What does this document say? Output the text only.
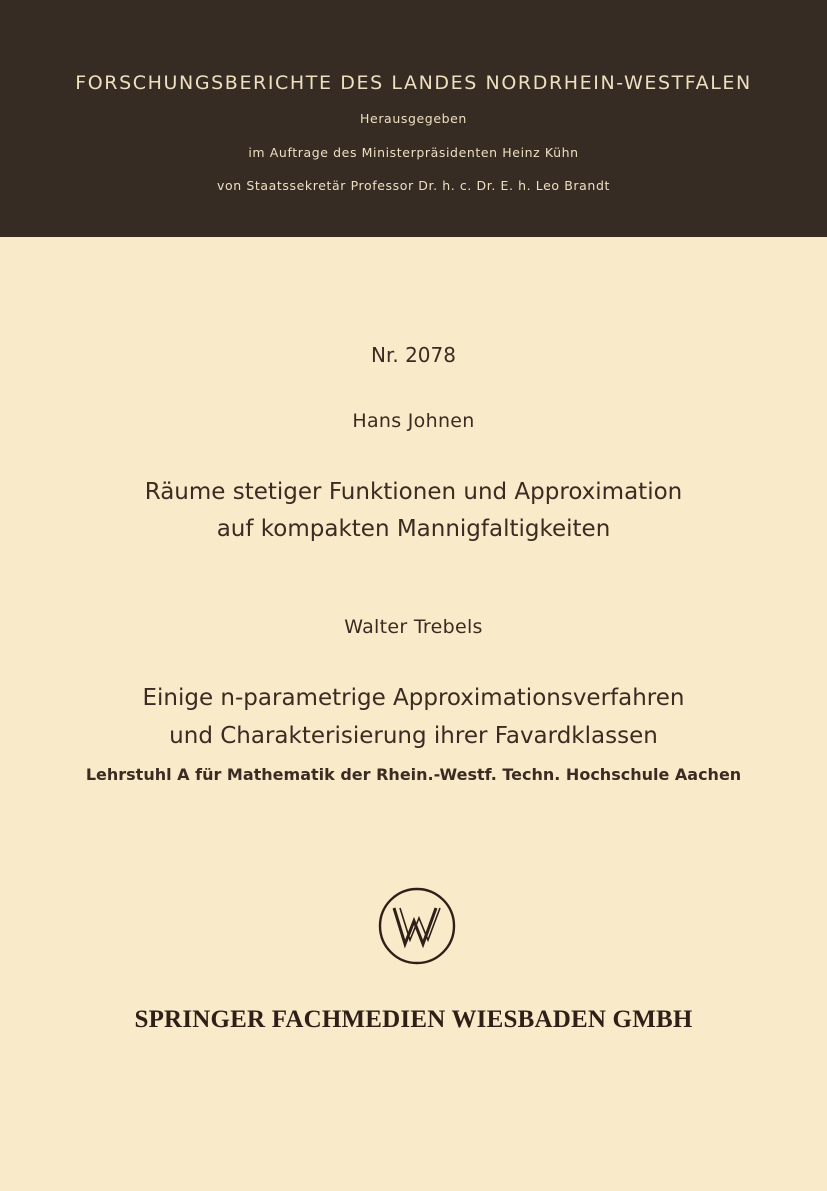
FORSCHUNGSBERICHTE DES LANDES NORDRHEIN-WESTFALEN
Herausgegeben
im Auftrage des Ministerpräsidenten Heinz Kühn
von Staatssekretär Professor Dr. h. c. Dr. E. h. Leo Brandt
Nr. 2078
Hans Johnen
Räume stetiger Funktionen und Approximation
auf kompakten Mannigfaltigkeiten
Walter Trebels
Einige n-parametrige Approximationsverfahren
und Charakterisierung ihrer Favardklassen
Lehrstuhl A für Mathematik der Rhein.-Westf. Techn. Hochschule Aachen
SPRINGER FACHMEDIEN WIESBADEN GMBH
